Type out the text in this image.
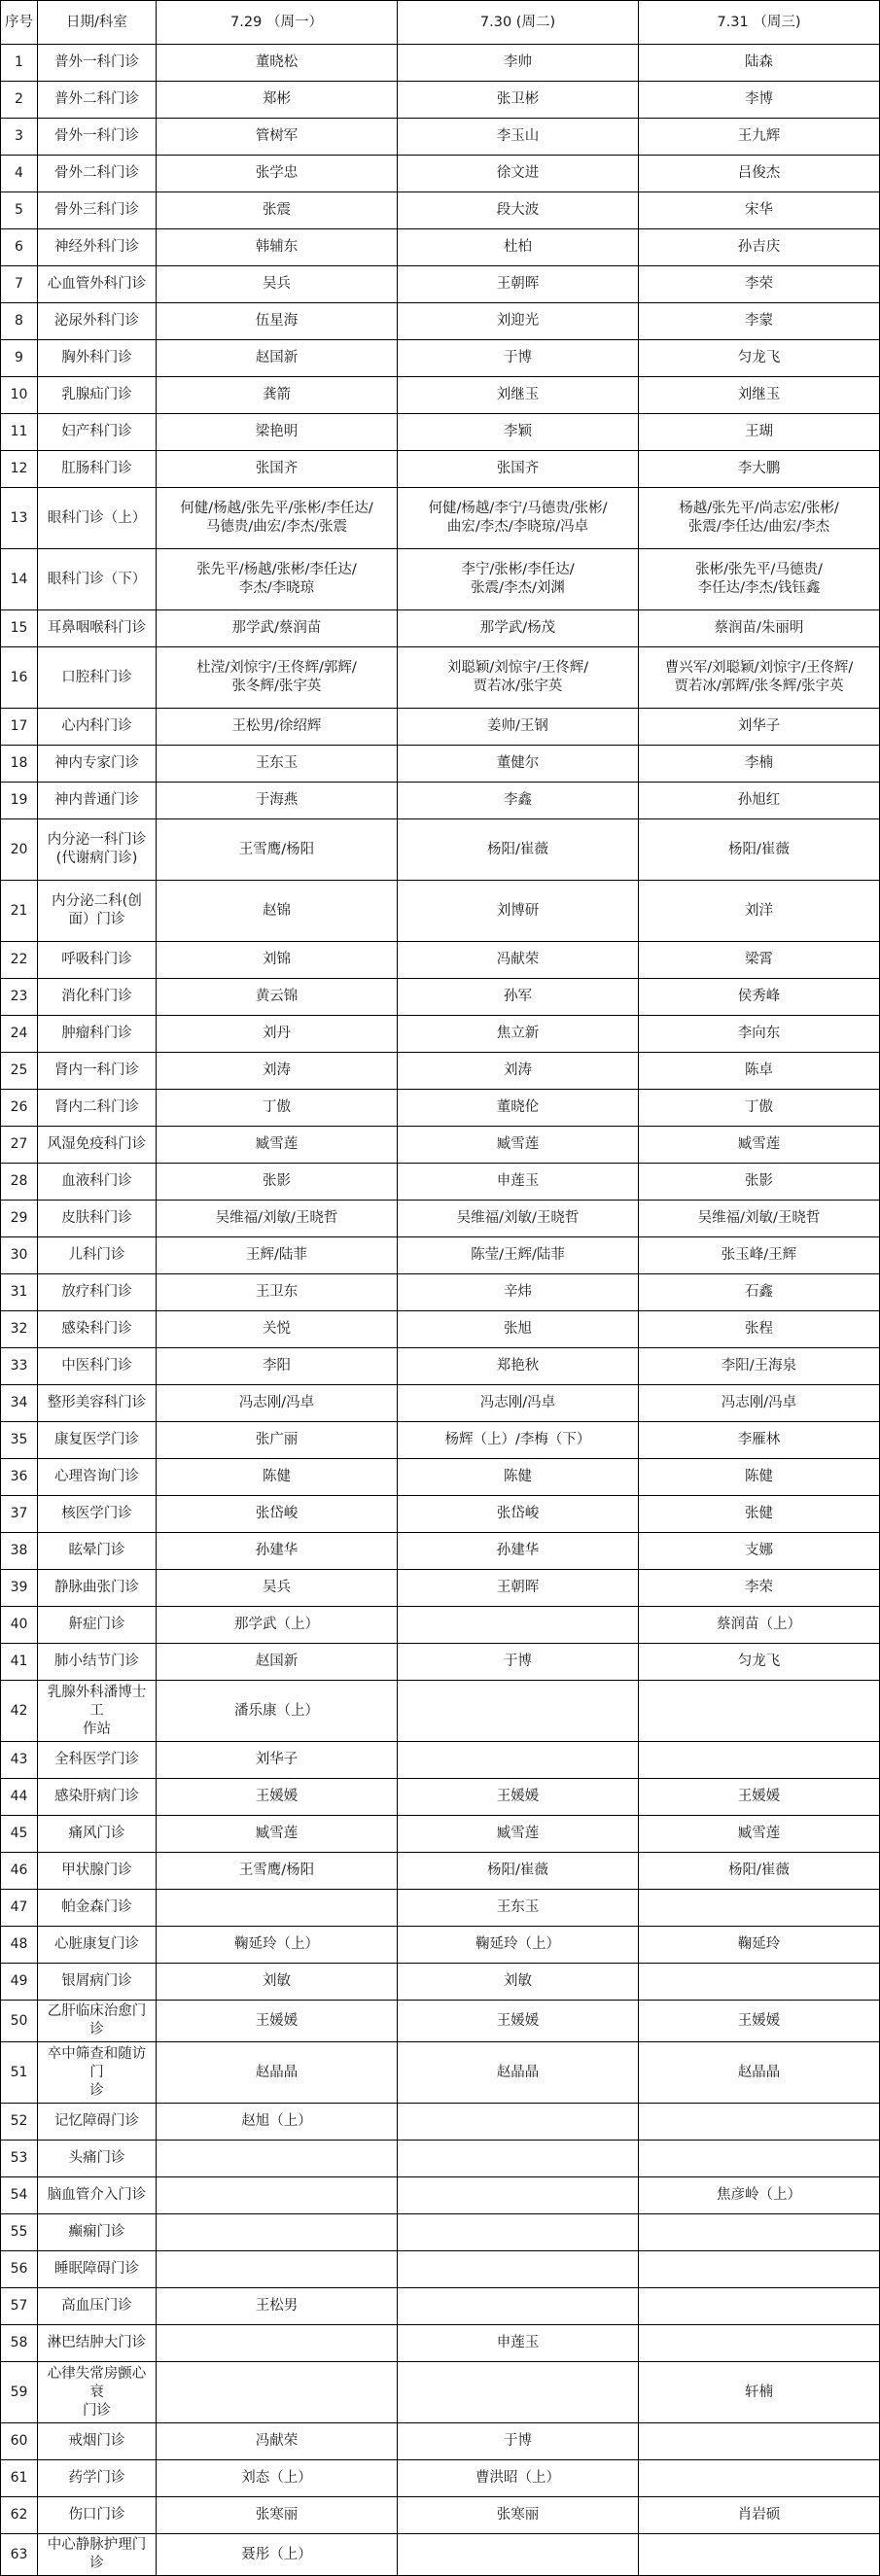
序号	日期/科室	7.29 （周一）	7.30 (周二)	7.31 （周三)
1	普外一科门诊	董晓松	李帅	陆森
2	普外二科门诊	郑彬	张卫彬	李博
3	骨外一科门诊	管树军	李玉山	王九辉
4	骨外二科门诊	张学忠	徐文进	吕俊杰
5	骨外三科门诊	张震	段大波	宋华
6	神经外科门诊	韩辅东	杜柏	孙吉庆
7	心血管外科门诊	吴兵	王朝晖	李荣
8	泌尿外科门诊	伍星海	刘迎光	李蒙
9	胸外科门诊	赵国新	于博	匀龙飞
10	乳腺疝门诊	龚箭	刘继玉	刘继玉
11	妇产科门诊	梁艳明	李颖	王瑚
12	肛肠科门诊	张国齐	张国齐	李大鹏
13	眼科门诊（上）	何健/杨越/张先平/张彬/李任达/
马德贵/曲宏/李杰/张震	何健/杨越/李宁/马德贵/张彬/
曲宏/李杰/李晓琼/冯卓	杨越/张先平/尚志宏/张彬/
张震/李任达/曲宏/李杰
14	眼科门诊（下）	张先平/杨越/张彬/李任达/
李杰/李晓琼	李宁/张彬/李任达/
张震/李杰/刘渊	张彬/张先平/马德贵/
李任达/李杰/钱钰鑫
15	耳鼻咽喉科门诊	那学武/蔡润苗	那学武/杨茂	蔡润苗/朱丽明
16	口腔科门诊	杜滢/刘惊宇/王佟辉/郭辉/
张冬辉/张宇英	刘聪颖/刘惊宇/王佟辉/
贾若冰/张宇英	曹兴军/刘聪颖/刘惊宇/王佟辉/
贾若冰/郭辉/张冬辉/张宇英
17	心内科门诊	王松男/徐绍辉	姜帅/王钢	刘华子
18	神内专家门诊	王东玉	董健尔	李楠
19	神内普通门诊	于海燕	李鑫	孙旭红
20	内分泌一科门诊
(代谢病门诊)	王雪鹰/杨阳	杨阳/崔薇	杨阳/崔薇
21	内分泌二科(创
面）门诊	赵锦	刘博研	刘洋
22	呼吸科门诊	刘锦	冯献荣	梁霄
23	消化科门诊	黄云锦	孙军	侯秀峰
24	肿瘤科门诊	刘丹	焦立新	李向东
25	肾内一科门诊	刘涛	刘涛	陈卓
26	肾内二科门诊	丁傲	董晓伦	丁傲
27	风湿免疫科门诊	臧雪莲	臧雪莲	臧雪莲
28	血液科门诊	张影	申莲玉	张影
29	皮肤科门诊	吴维福/刘敏/王晓哲	吴维福/刘敏/王晓哲	吴维福/刘敏/王晓哲
30	儿科门诊	王辉/陆菲	陈莹/王辉/陆菲	张玉峰/王辉
31	放疗科门诊	王卫东	辛炜	石鑫
32	感染科门诊	关悦	张旭	张程
33	中医科门诊	李阳	郑艳秋	李阳/王海泉
34	整形美容科门诊	冯志刚/冯卓	冯志刚/冯卓	冯志刚/冯卓
35	康复医学门诊	张广丽	杨辉（上）/李梅（下）	李雁林
36	心理咨询门诊	陈健	陈健	陈健
37	核医学门诊	张岱峻	张岱峻	张健
38	眩晕门诊	孙建华	孙建华	支娜
39	静脉曲张门诊	吴兵	王朝晖	李荣
40	鼾症门诊	那学武（上）		蔡润苗（上）
41	肺小结节门诊	赵国新	于博	匀龙飞
42	乳腺外科潘博士工
作站	潘乐康（上）		
43	全科医学门诊	刘华子		
44	感染肝病门诊	王媛媛	王媛媛	王媛媛
45	痛风门诊	臧雪莲	臧雪莲	臧雪莲
46	甲状腺门诊	王雪鹰/杨阳	杨阳/崔薇	杨阳/崔薇
47	帕金森门诊		王东玉	
48	心脏康复门诊	鞠延玲（上）	鞠延玲（上）	鞠延玲
49	银屑病门诊	刘敏	刘敏	
50	乙肝临床治愈门诊	王媛媛	王媛媛	王媛媛
51	卒中筛查和随访门
诊	赵晶晶	赵晶晶	赵晶晶
52	记忆障碍门诊	赵旭（上）		
53	头痛门诊			
54	脑血管介入门诊			焦彦岭（上）
55	癫痫门诊			
56	睡眠障碍门诊			
57	高血压门诊	王松男		
58	淋巴结肿大门诊		申莲玉	
59	心律失常房颤心衰
门诊			轩楠
60	戒烟门诊	冯献荣	于博	
61	药学门诊	刘态（上）	曹洪昭（上）	
62	伤口门诊	张寒丽	张寒丽	肖岩硕
63	中心静脉护理门诊	聂彤（上）		
